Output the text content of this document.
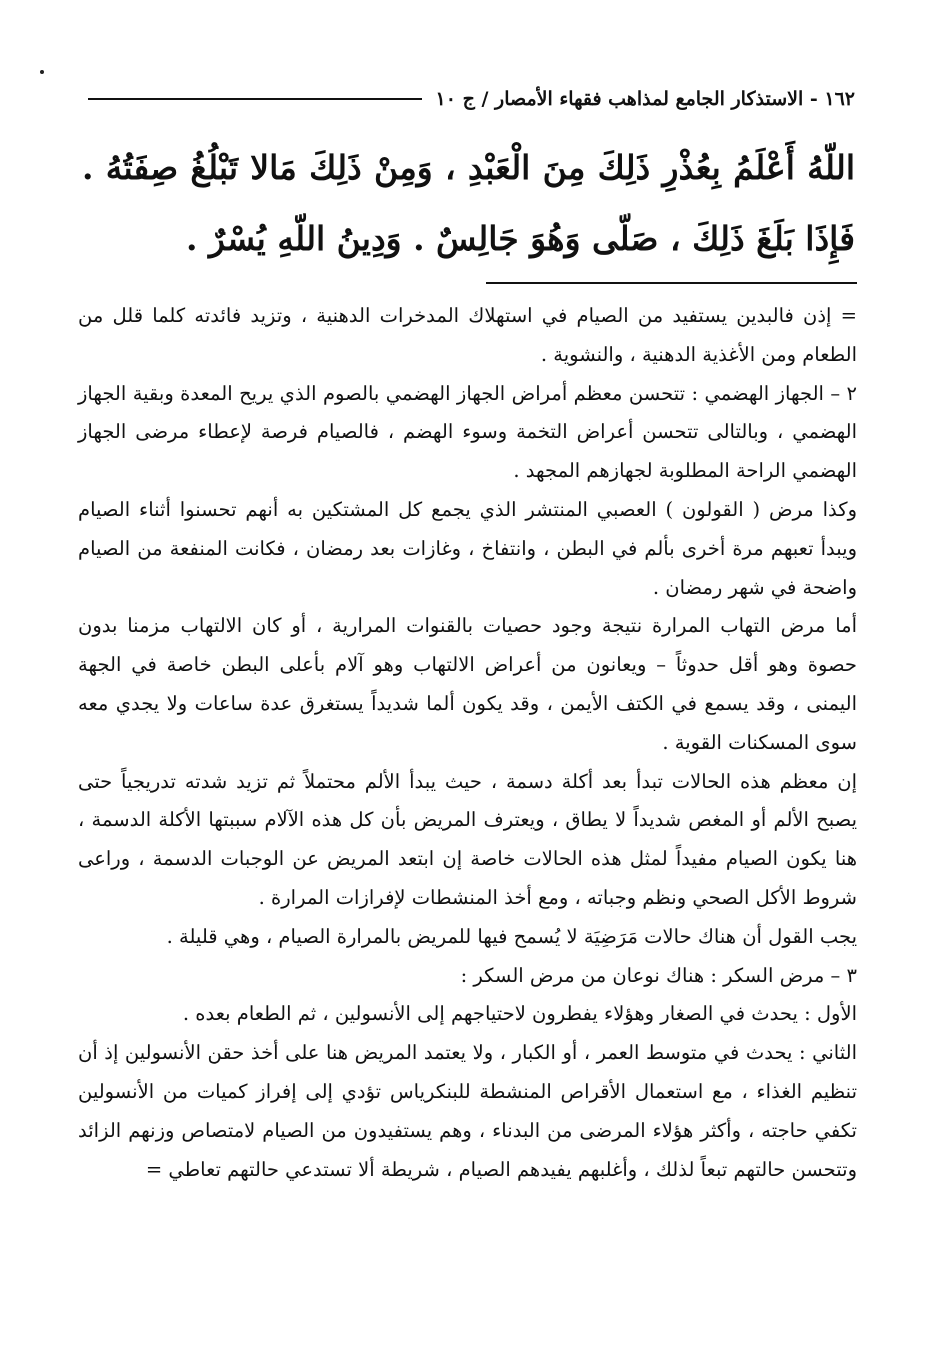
١٦٢ - الاستذكار الجامع لمذاهب فقهاء الأمصار / ج ١٠
اللّهُ أَعْلَمُ بِعُذْرِ ذَلِكَ مِنَ الْعَبْدِ ، وَمِنْ ذَلِكَ مَالا تَبْلُغُ صِفَتُهُ . فَإِذَا بَلَغَ ذَلِكَ ، صَلّى وَهُوَ جَالِسٌ . وَدِينُ اللّهِ يُسْرٌ .

= إذن فالبدين يستفيد من الصيام في استهلاك المدخرات الدهنية ، وتزيد فائدته كلما قلل من الطعام ومن الأغذية الدهنية ، والنشوية .

٢ – الجهاز الهضمي : تتحسن معظم أمراض الجهاز الهضمي بالصوم الذي يريح المعدة وبقية الجهاز الهضمي ، وبالتالى تتحسن أعراض التخمة وسوء الهضم ، فالصيام فرصة لإعطاء مرضى الجهاز الهضمي الراحة المطلوبة لجهازهم المجهد .

وكذا مرض ( القولون ) العصبي المنتشر الذي يجمع كل المشتكين به أنهم تحسنوا أثناء الصيام ويبدأ تعبهم مرة أخرى بألم في البطن ، وانتفاخ ، وغازات بعد رمضان ، فكانت المنفعة من الصيام واضحة في شهر رمضان .

أما مرض التهاب المرارة نتيجة وجود حصيات بالقنوات المرارية ، أو كان الالتهاب مزمنا بدون حصوة وهو أقل حدوثاً – ويعانون من أعراض الالتهاب وهو آلام بأعلى البطن خاصة في الجهة اليمنى ، وقد يسمع في الكتف الأيمن ، وقد يكون ألما شديداً يستغرق عدة ساعات ولا يجدي معه سوى المسكنات القوية .

إن معظم هذه الحالات تبدأ بعد أكلة دسمة ، حيث يبدأ الألم محتملاً ثم تزيد شدته تدريجياً حتى يصبح الألم أو المغص شديداً لا يطاق ، ويعترف المريض بأن كل هذه الآلام سببتها الأكلة الدسمة ، هنا يكون الصيام مفيداً لمثل هذه الحالات خاصة إن ابتعد المريض عن الوجبات الدسمة ، وراعى شروط الأكل الصحي ونظم وجباته ، ومع أخذ المنشطات لإفرازات المرارة .

يجب القول أن هناك حالات مَرَضِيَة لا يُسمح فيها للمريض بالمرارة الصيام ، وهي قليلة .

٣ – مرض السكر : هناك نوعان من مرض السكر :

الأول : يحدث في الصغار وهؤلاء يفطرون لاحتياجهم إلى الأنسولين ، ثم الطعام بعده .

الثاني : يحدث في متوسط العمر ، أو الكبار ، ولا يعتمد المريض هنا على أخذ حقن الأنسولين إذ أن تنظيم الغذاء ، مع استعمال الأقراص المنشطة للبنكرياس تؤدي إلى إفراز كميات من الأنسولين تكفي حاجته ، وأكثر هؤلاء المرضى من البدناء ، وهم يستفيدون من الصيام لامتصاص وزنهم الزائد وتتحسن حالتهم تبعاً لذلك ، وأغلبهم يفيدهم الصيام ، شريطة ألا تستدعي حالتهم تعاطي =
